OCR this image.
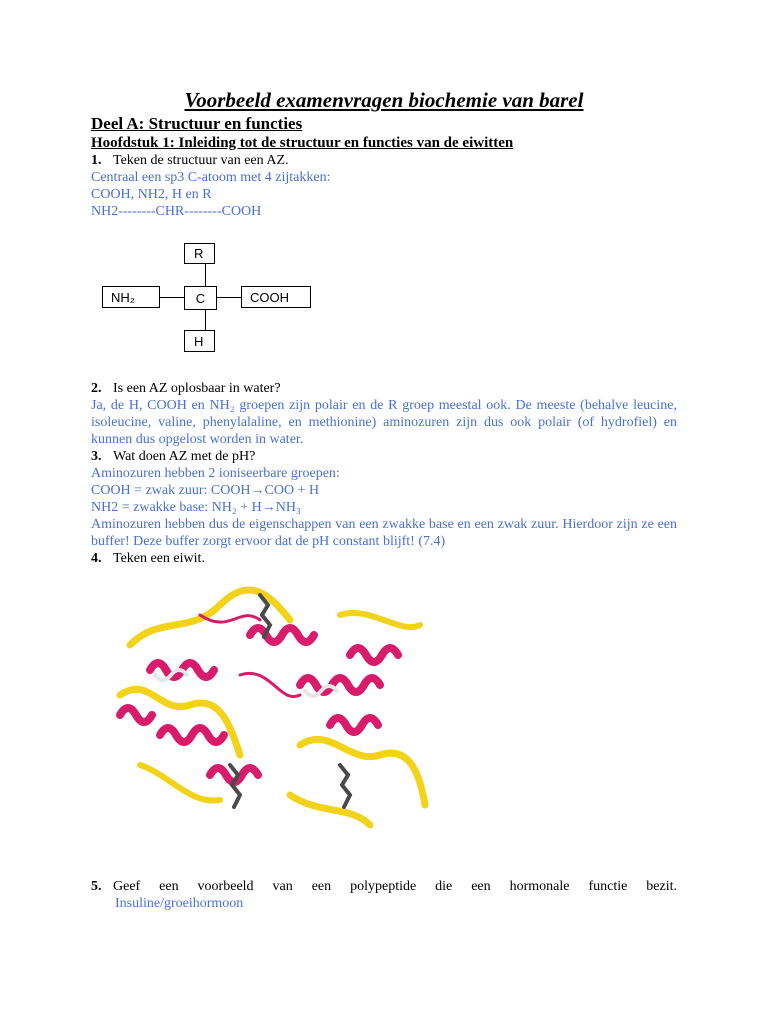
Voorbeeld examenvragen biochemie van barel

Deel A: Structuur en functies

Hoofdstuk 1: Inleiding tot de structuur en functies van de eiwitten

1. Teken de structuur van een AZ.

Centraal een sp3 C-atoom met 4 zijtakken:

COOH, NH2, H en R

NH2--------CHR--------COOH

R
C
NH₂	COOH
H

2. Is een AZ oplosbaar in water?

Ja, de H, COOH en NH₂ groepen zijn polair en de R groep meestal ook. De meeste (behalve leucine, isoleucine, valine, phenylalaline, en methionine) aminozuren zijn dus ook polair (of hydrofiel) en kunnen dus opgelost worden in water.

3. Wat doen AZ met de pH?

Aminozuren hebben 2 ioniseerbare groepen:

COOH = zwak zuur: COOH→COO + H

NH2 = zwakke base: NH₂ + H→NH₃

Aminozuren hebben dus de eigenschappen van een zwakke base en een zwak zuur. Hierdoor zijn ze een buffer! Deze buffer zorgt ervoor dat de pH constant blijft! (7.4)

4. Teken een eiwit.

5. Geef een voorbeeld van een polypeptide die een hormonale functie bezit.

Insuline/groeihormoon
